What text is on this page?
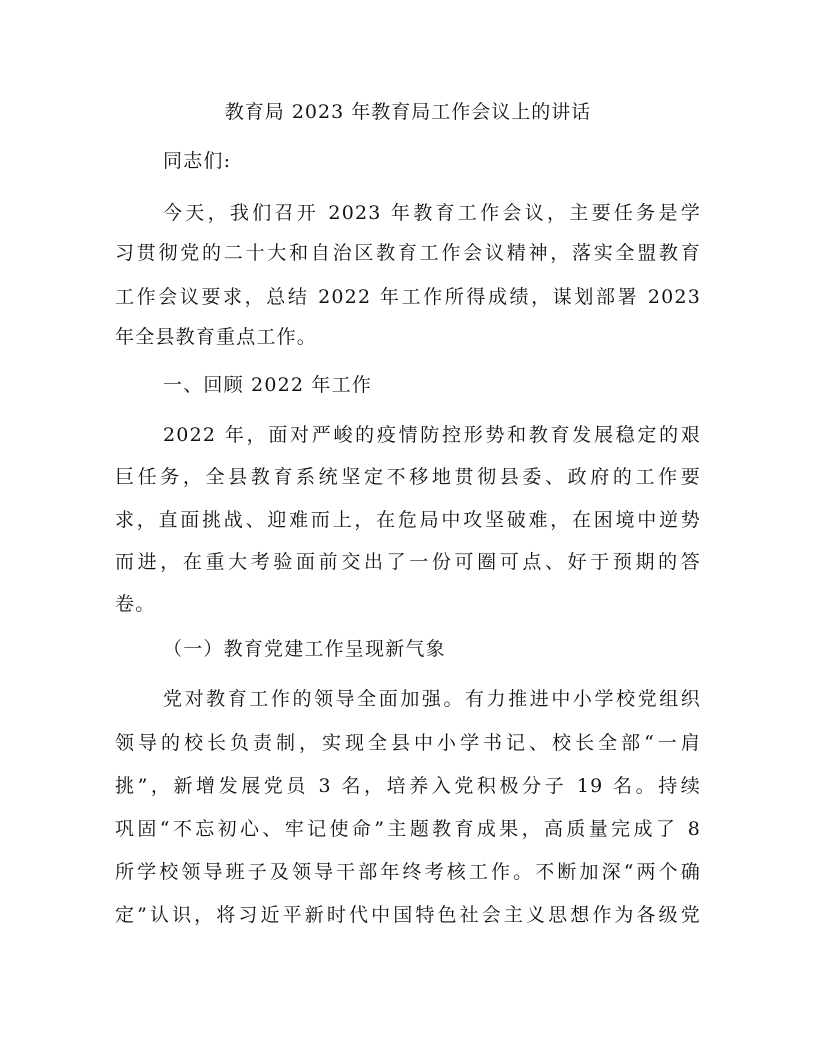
教育局 2023 年教育局工作会议上的讲话
同志们:
今天，我们召开 2023 年教育工作会议，主要任务是学
习贯彻党的二十大和自治区教育工作会议精神，落实全盟教育
工作会议要求，总结 2022 年工作所得成绩，谋划部署 2023
年全县教育重点工作。
一、回顾 2022 年工作
2022 年，面对严峻的疫情防控形势和教育发展稳定的艰
巨任务，全县教育系统坚定不移地贯彻县委、政府的工作要
求，直面挑战、迎难而上，在危局中攻坚破难，在困境中逆势
而进，在重大考验面前交出了一份可圈可点、好于预期的答
卷。
（一）教育党建工作呈现新气象
党对教育工作的领导全面加强。有力推进中小学校党组织
领导的校长负责制，实现全县中小学书记、校长全部“一肩
挑”，新增发展党员 3 名，培养入党积极分子 19 名。持续
巩固“不忘初心、牢记使命”主题教育成果，高质量完成了 8
所学校领导班子及领导干部年终考核工作。不断加深“两个确
定”认识，将习近平新时代中国特色社会主义思想作为各级党
